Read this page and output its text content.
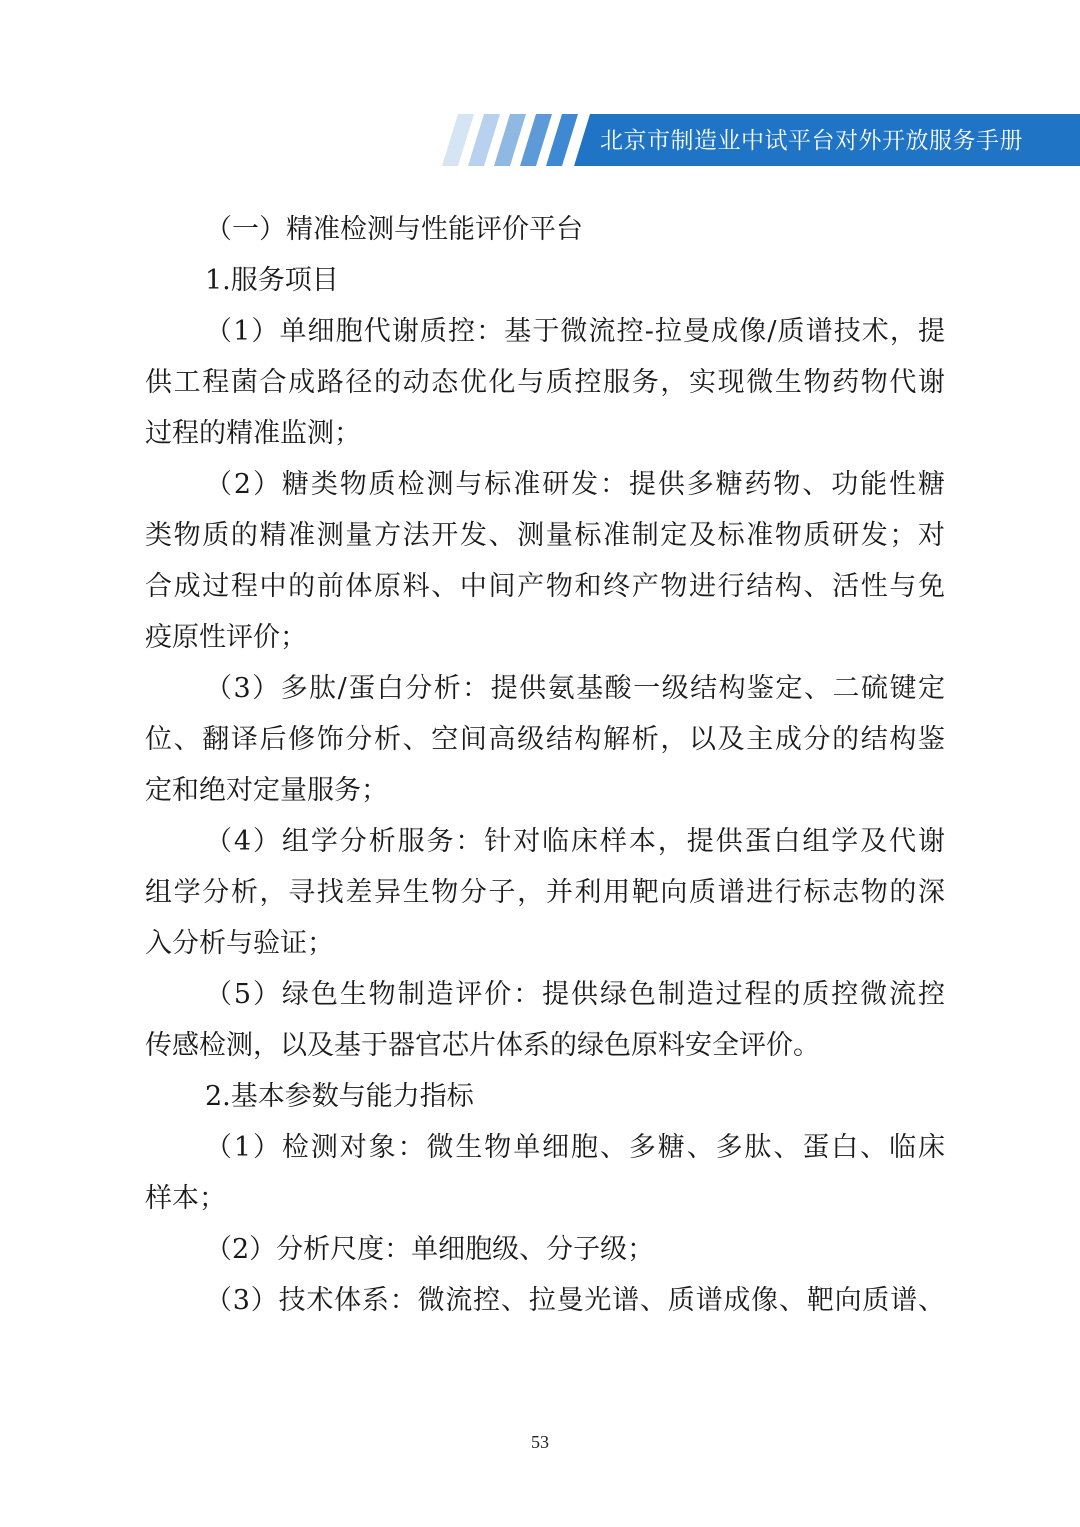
北京市制造业中试平台对外开放服务手册
（一）精准检测与性能评价平台
1.服务项目
（1）单细胞代谢质控：基于微流控-拉曼成像/质谱技术，提
供工程菌合成路径的动态优化与质控服务，实现微生物药物代谢
过程的精准监测；
（2）糖类物质检测与标准研发：提供多糖药物、功能性糖
类物质的精准测量方法开发、测量标准制定及标准物质研发；对
合成过程中的前体原料、中间产物和终产物进行结构、活性与免
疫原性评价；
（3）多肽/蛋白分析：提供氨基酸一级结构鉴定、二硫键定
位、翻译后修饰分析、空间高级结构解析，以及主成分的结构鉴
定和绝对定量服务；
（4）组学分析服务：针对临床样本，提供蛋白组学及代谢
组学分析，寻找差异生物分子，并利用靶向质谱进行标志物的深
入分析与验证；
（5）绿色生物制造评价：提供绿色制造过程的质控微流控
传感检测，以及基于器官芯片体系的绿色原料安全评价。
2.基本参数与能力指标
（1）检测对象：微生物单细胞、多糖、多肽、蛋白、临床
样本；
（2）分析尺度：单细胞级、分子级；
（3）技术体系：微流控、拉曼光谱、质谱成像、靶向质谱、
53
